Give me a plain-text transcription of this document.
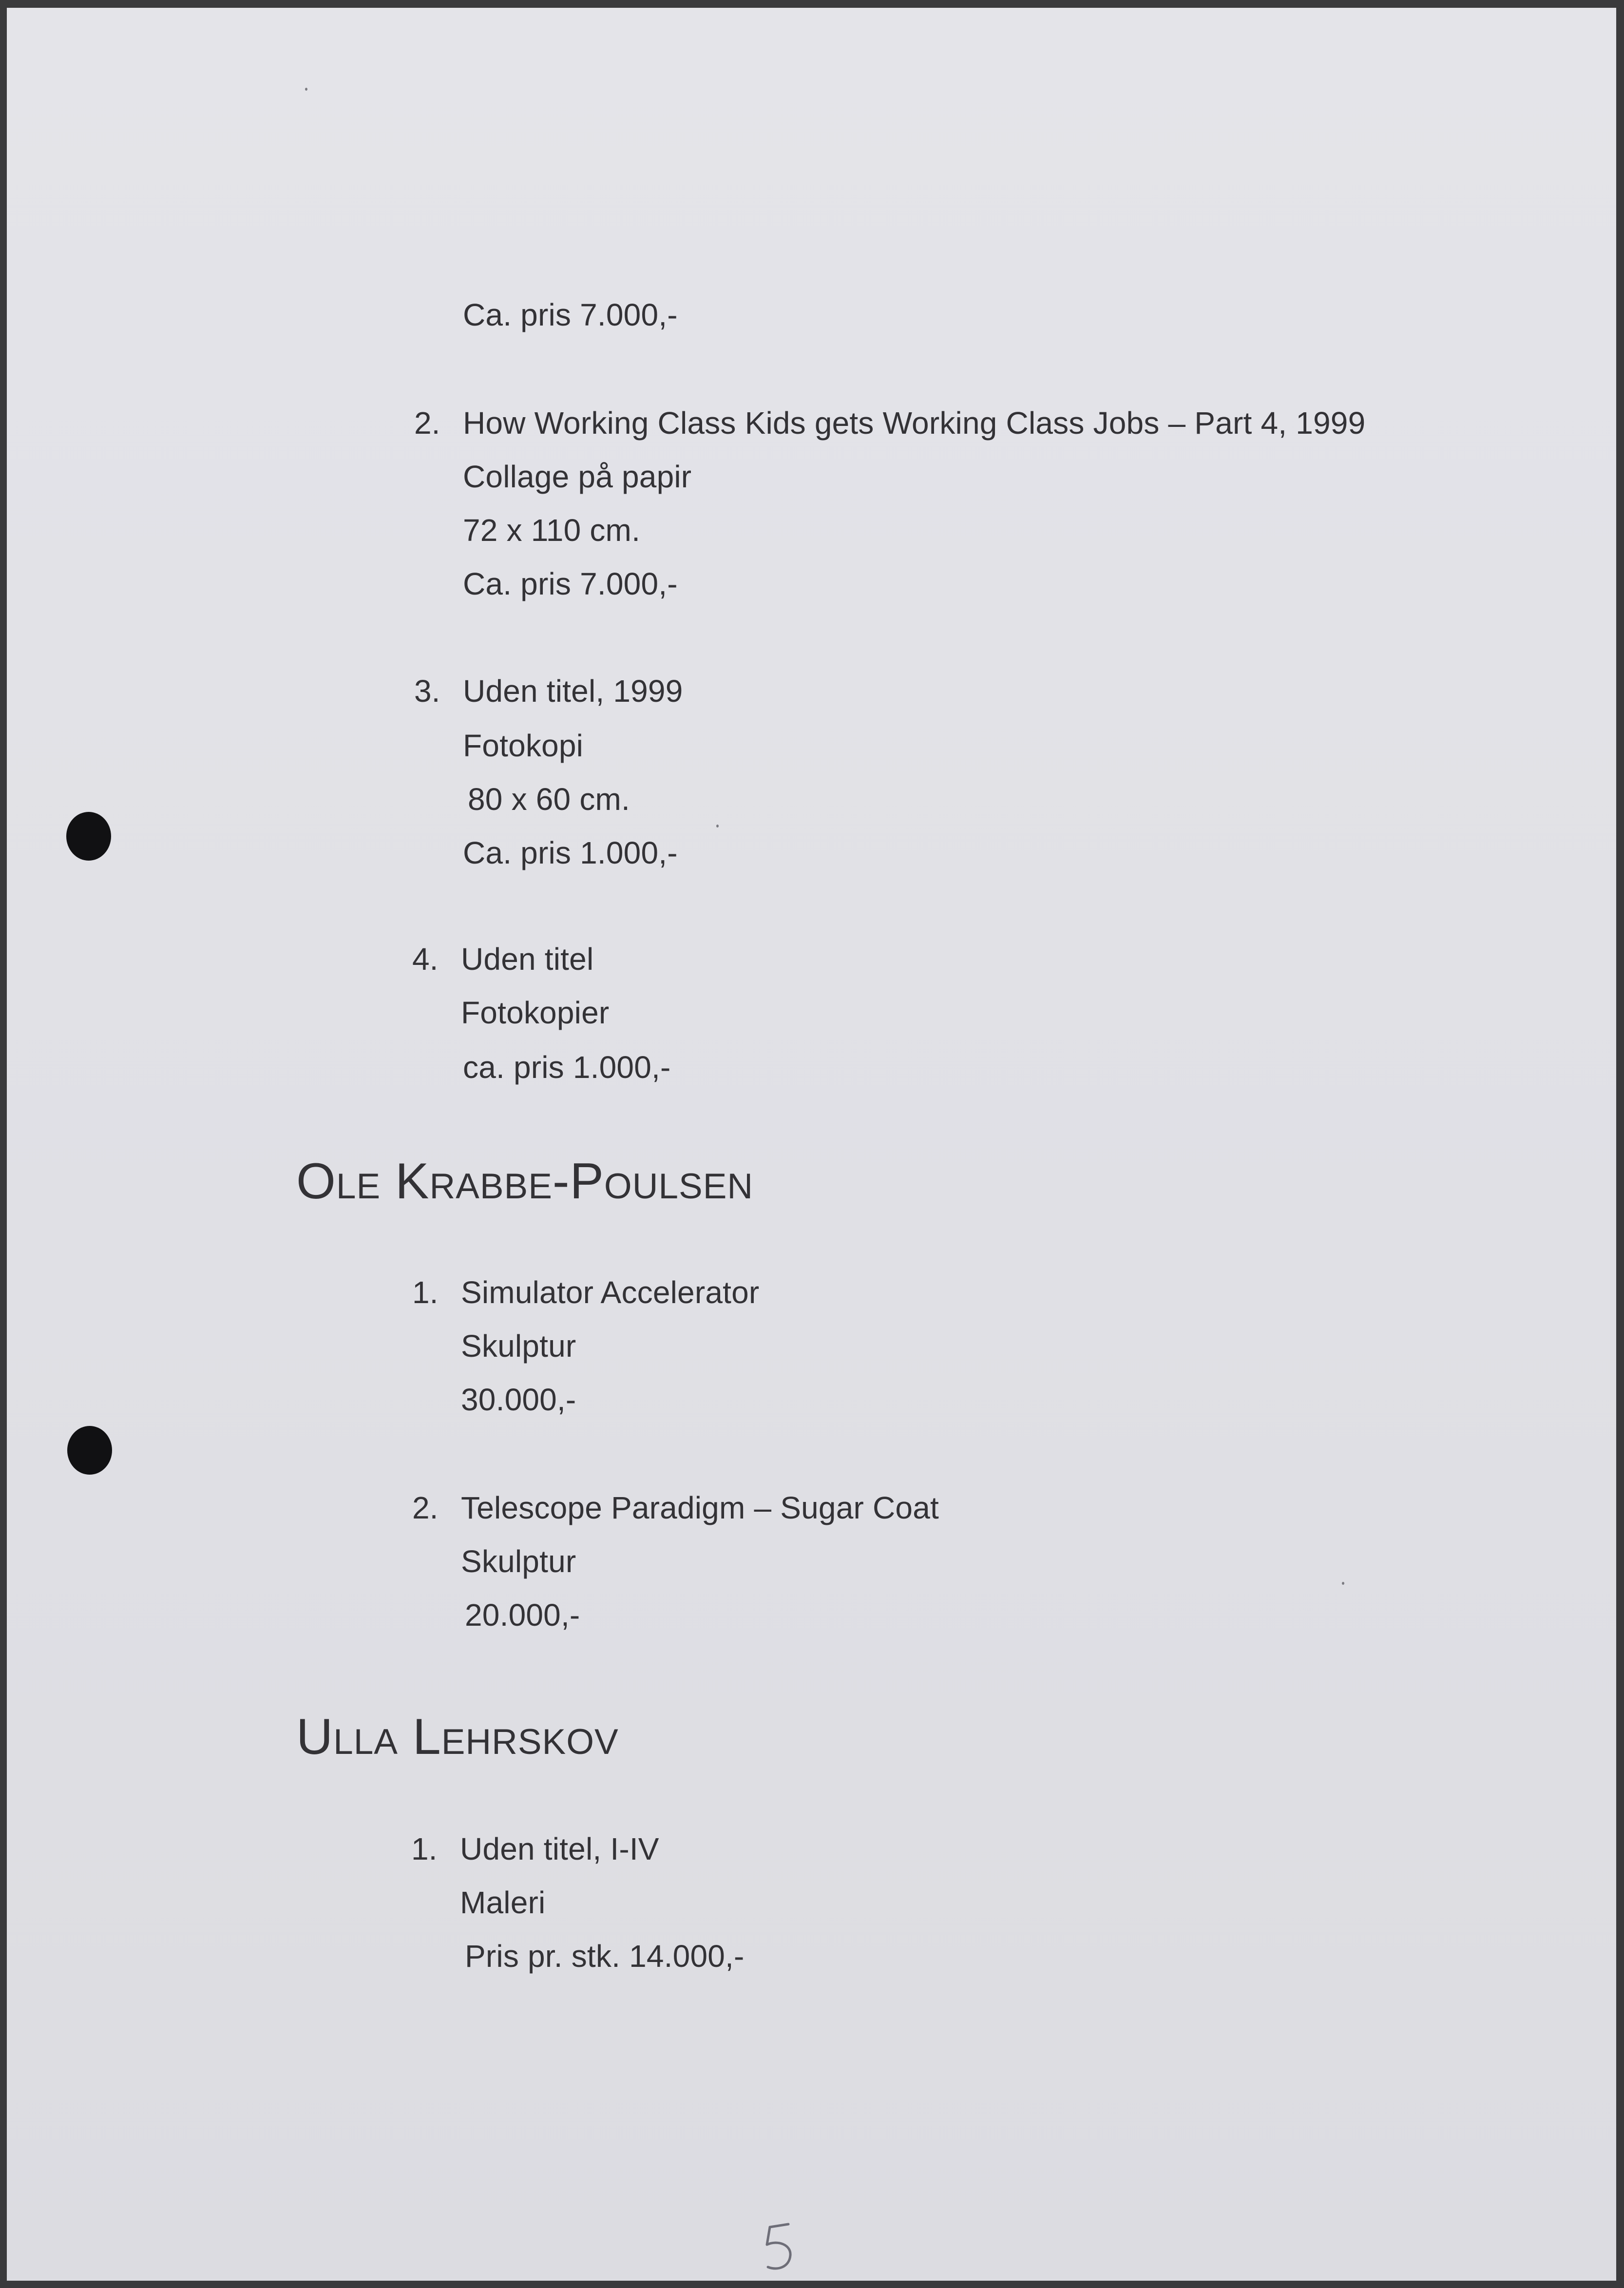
Ca. pris 7.000,-
2. How Working Class Kids gets Working Class Jobs – Part 4, 1999
Collage på papir
72 x 110 cm.
Ca. pris 7.000,-
3. Uden titel, 1999
Fotokopi
80 x 60 cm.
Ca. pris 1.000,-
4. Uden titel
Fotokopier
ca. pris 1.000,-
Ole Krabbe-Poulsen
1. Simulator Accelerator
Skulptur
30.000,-
2. Telescope Paradigm – Sugar Coat
Skulptur
20.000,-
Ulla Lehrskov
1. Uden titel, I-IV
Maleri
Pris pr. stk. 14.000,-
